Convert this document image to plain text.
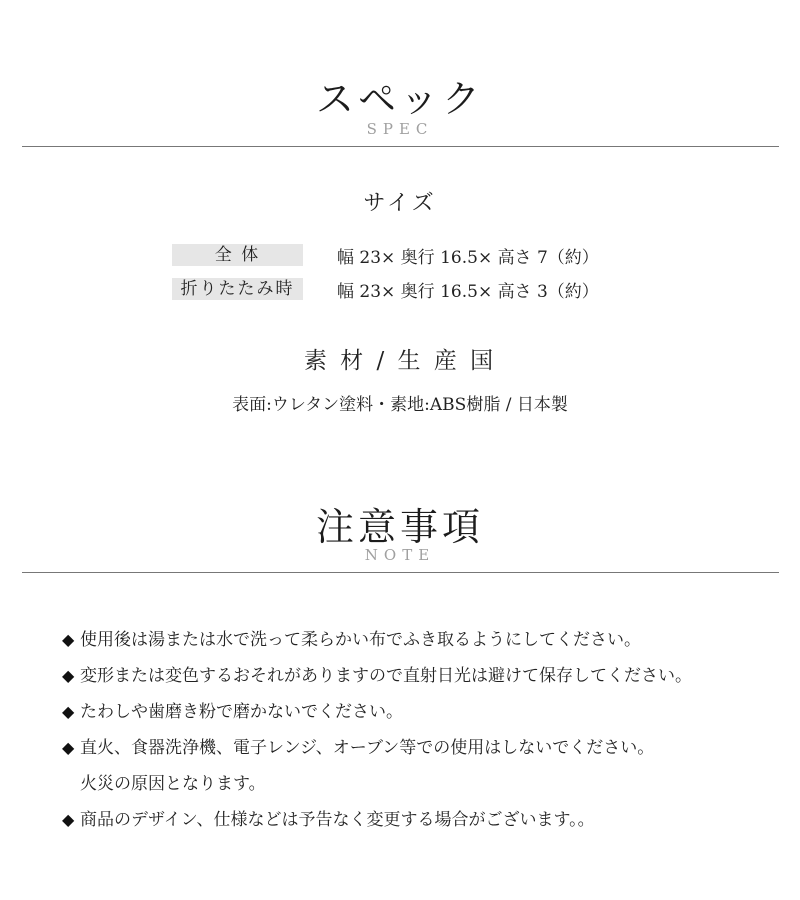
スペック
SPEC
サイズ
全 体	幅 23× 奥行 16.5× 高さ 7（約）
折りたたみ時	幅 23× 奥行 16.5× 高さ 3（約）
素 材 / 生 産 国
表面:ウレタン塗料・素地:ABS樹脂 / 日本製
注意事項
NOTE
◆ 使用後は湯または水で洗って柔らかい布でふき取るようにしてください。
◆ 変形または変色するおそれがありますので直射日光は避けて保存してください。
◆ たわしや歯磨き粉で磨かないでください。
◆ 直火、食器洗浄機、電子レンジ、オーブン等での使用はしないでください。
火災の原因となります。
◆ 商品のデザイン、仕様などは予告なく変更する場合がございます。。
